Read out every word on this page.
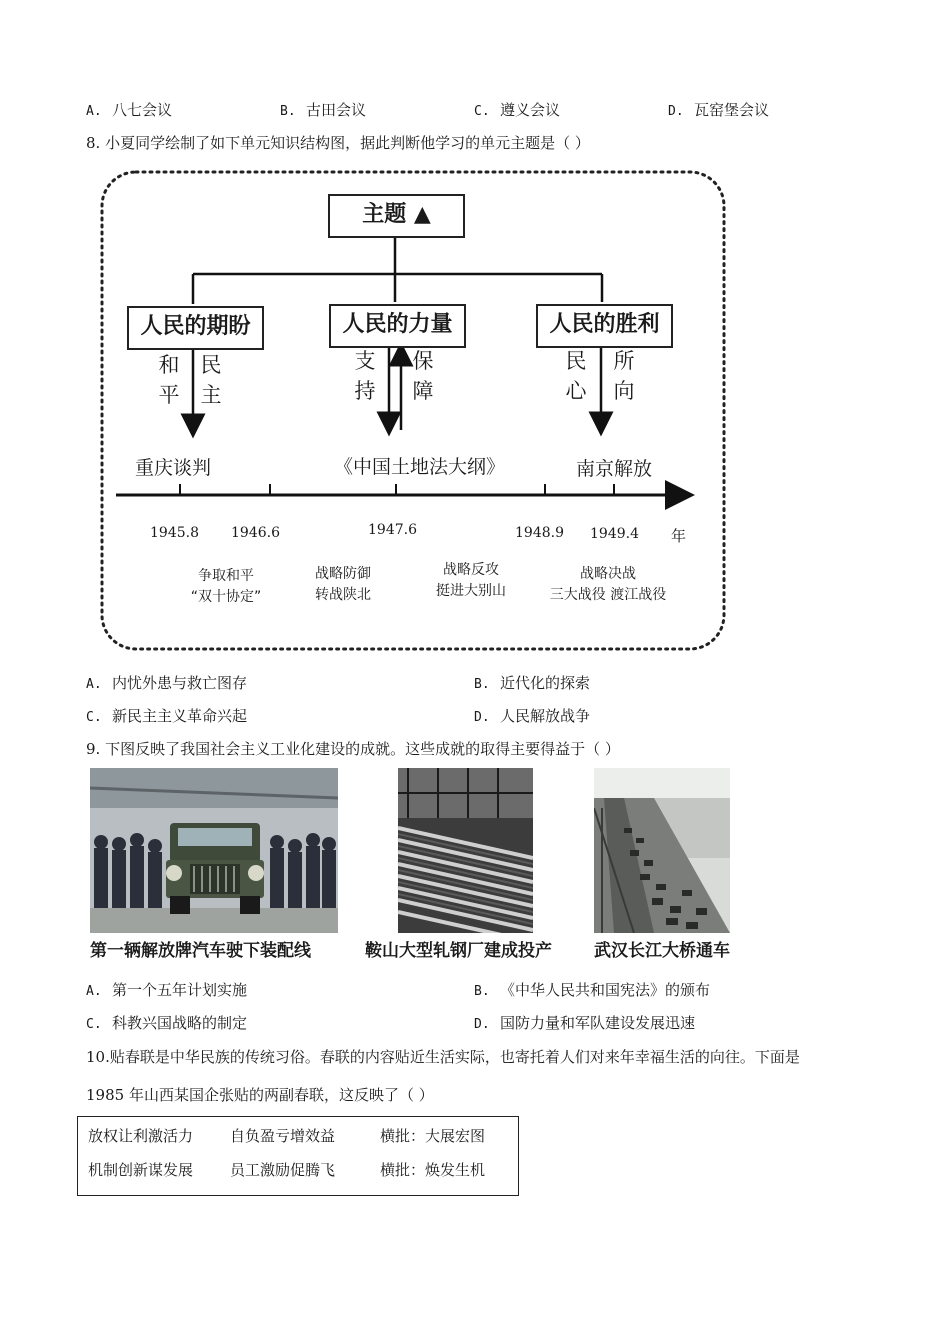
A. 八七会议	B. 古田会议	C. 遵义会议	D. 瓦窑堡会议
8. 小夏同学绘制了如下单元知识结构图，据此判断他学习的单元主题是（ ）
主题 ▲
人民的期盼	人民的力量	人民的胜利
和平
民主
支持
保障
民心
所向
重庆谈判	《中国土地法大纲》	南京解放
1945.8 1946.6	1947.6	1948.9 1949.4 年
争取和平
“双十协定”
战略防御
转战陕北
战略反攻
挺进大别山
战略决战
三大战役 渡江战役
A. 内忧外患与救亡图存	B. 近代化的探索
C. 新民主主义革命兴起	D. 人民解放战争
9. 下图反映了我国社会主义工业化建设的成就。这些成就的取得主要得益于（ ）
第一辆解放牌汽车驶下装配线	鞍山大型轧钢厂建成投产 武汉长江大桥通车
A. 第一个五年计划实施	B. 《中华人民共和国宪法》的颁布
C. 科教兴国战略的制定	D. 国防力量和军队建设发展迅速
10.贴春联是中华民族的传统习俗。春联的内容贴近生活实际，也寄托着人们对来年幸福生活的向往。下面是
1985 年山西某国企张贴的两副春联，这反映了（ ）
放权让利激活力 自负盈亏增效益	横批：大展宏图
机制创新谋发展 员工激励促腾飞	横批：焕发生机
